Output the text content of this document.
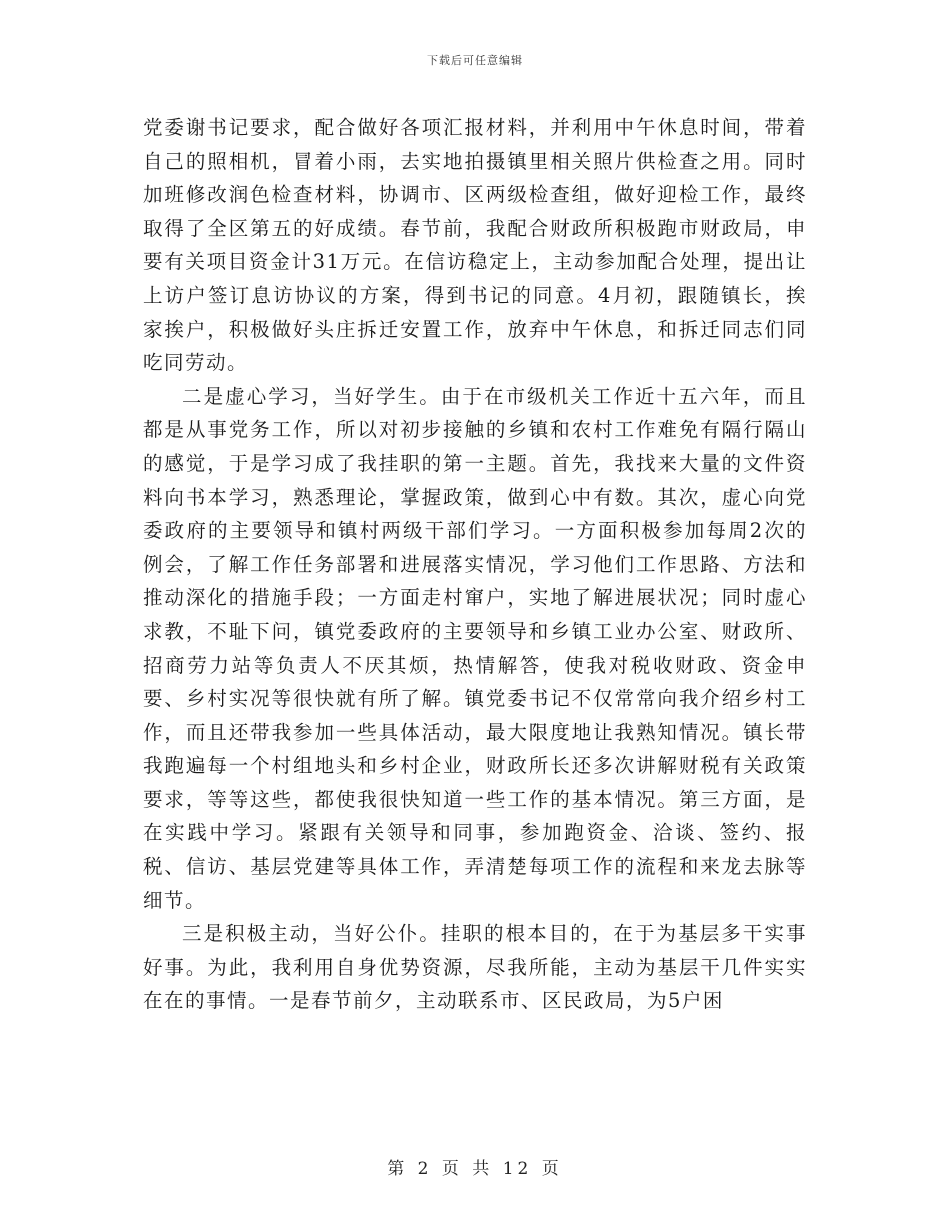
下载后可任意编辑

党委谢书记要求，配合做好各项汇报材料，并利用中午休息时间，带着自己的照相机，冒着小雨，去实地拍摄镇里相关照片供检查之用。同时加班修改润色检查材料，协调市、区两级检查组，做好迎检工作，最终取得了全区第五的好成绩。春节前，我配合财政所积极跑市财政局，申要有关项目资金计31万元。在信访稳定上，主动参加配合处理，提出让上访户签订息访协议的方案，得到书记的同意。4月初，跟随镇长，挨家挨户，积极做好头庄拆迁安置工作，放弃中午休息，和拆迁同志们同吃同劳动。

二是虚心学习，当好学生。由于在市级机关工作近十五六年，而且都是从事党务工作，所以对初步接触的乡镇和农村工作难免有隔行隔山的感觉，于是学习成了我挂职的第一主题。首先，我找来大量的文件资料向书本学习，熟悉理论，掌握政策，做到心中有数。其次，虚心向党委政府的主要领导和镇村两级干部们学习。一方面积极参加每周2次的例会，了解工作任务部署和进展落实情况，学习他们工作思路、方法和推动深化的措施手段；一方面走村窜户，实地了解进展状况；同时虚心求教，不耻下问，镇党委政府的主要领导和乡镇工业办公室、财政所、招商劳力站等负责人不厌其烦，热情解答，使我对税收财政、资金申要、乡村实况等很快就有所了解。镇党委书记不仅常常向我介绍乡村工作，而且还带我参加一些具体活动，最大限度地让我熟知情况。镇长带我跑遍每一个村组地头和乡村企业，财政所长还多次讲解财税有关政策要求，等等这些，都使我很快知道一些工作的基本情况。第三方面，是在实践中学习。紧跟有关领导和同事，参加跑资金、洽谈、签约、报税、信访、基层党建等具体工作，弄清楚每项工作的流程和来龙去脉等细节。

三是积极主动，当好公仆。挂职的根本目的，在于为基层多干实事好事。为此，我利用自身优势资源，尽我所能，主动为基层干几件实实在在的事情。一是春节前夕，主动联系市、区民政局，为5户困

第 2 页 共 12 页
